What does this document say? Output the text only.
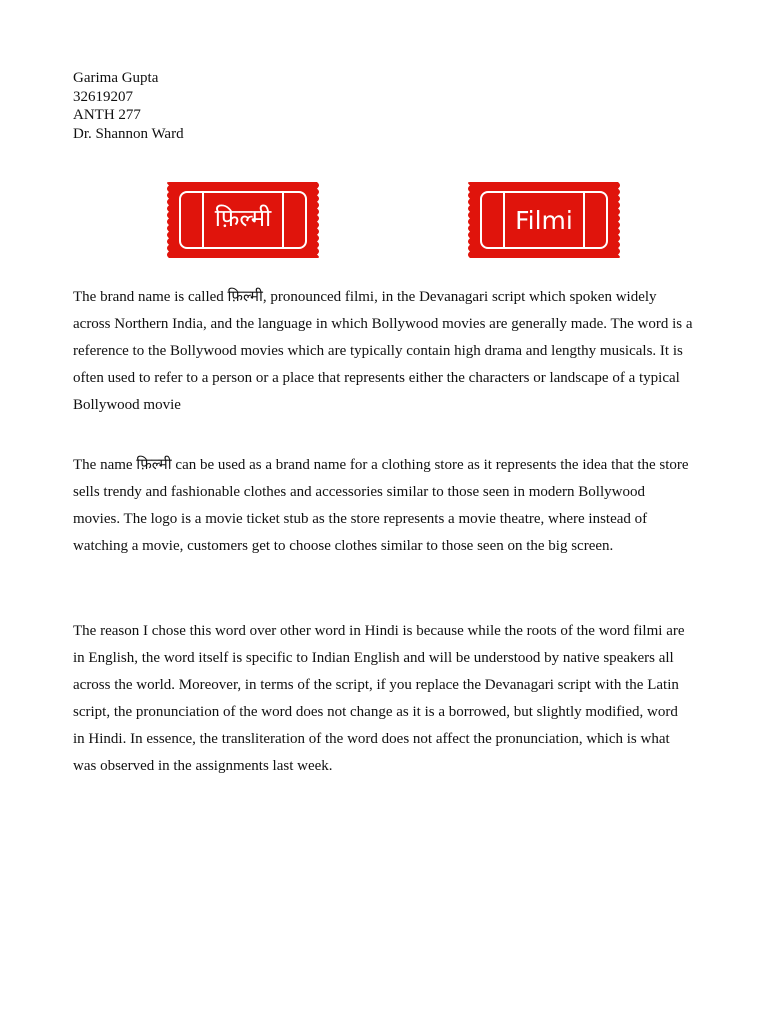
Garima Gupta
32619207
ANTH 277
Dr. Shannon Ward
फ़िल्मी	Filmi

The brand name is called फ़िल्मी, pronounced filmi, in the Devanagari script which spoken widely across Northern India, and the language in which Bollywood movies are generally made. The word is a reference to the Bollywood movies which are typically contain high drama and lengthy musicals. It is often used to refer to a person or a place that represents either the characters or landscape of a typical Bollywood movie

The name फ़िल्मी can be used as a brand name for a clothing store as it represents the idea that the store sells trendy and fashionable clothes and accessories similar to those seen in modern Bollywood movies. The logo is a movie ticket stub as the store represents a movie theatre, where instead of watching a movie, customers get to choose clothes similar to those seen on the big screen.

The reason I chose this word over other word in Hindi is because while the roots of the word filmi are in English, the word itself is specific to Indian English and will be understood by native speakers all across the world. Moreover, in terms of the script, if you replace the Devanagari script with the Latin script, the pronunciation of the word does not change as it is a borrowed, but slightly modified, word in Hindi. In essence, the transliteration of the word does not affect the pronunciation, which is what was observed in the assignments last week.
